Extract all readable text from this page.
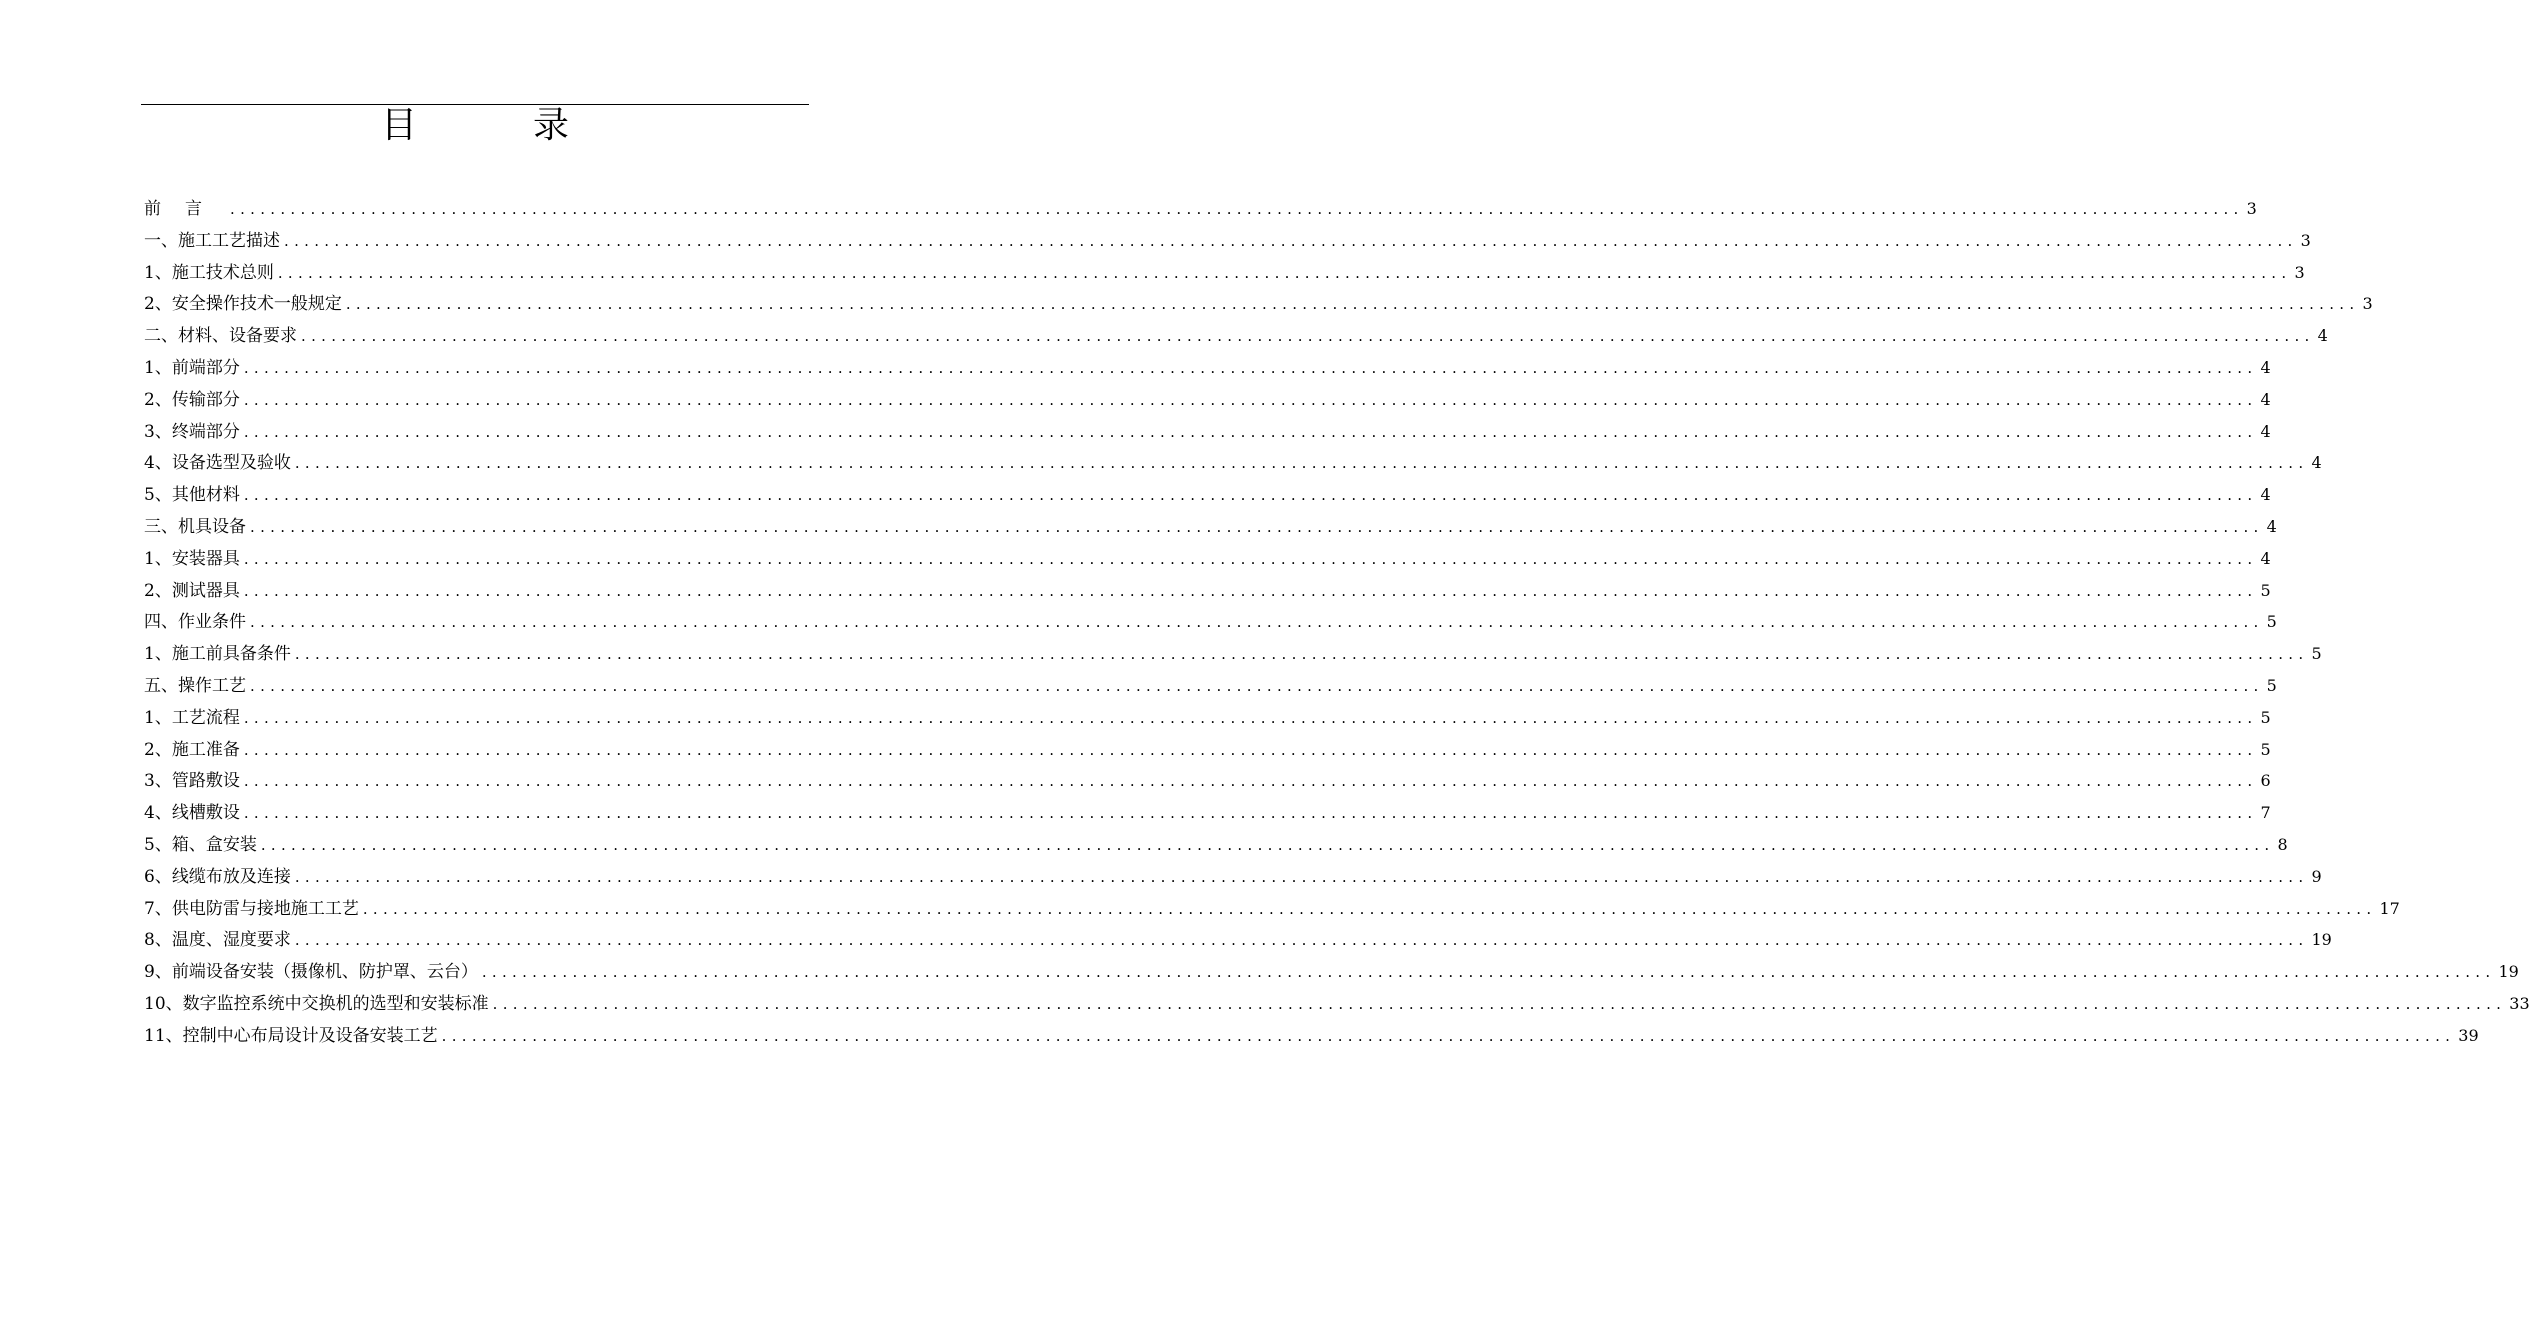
目　录
前言 ........................................................................................................................................................................................................ 3
一、施工工艺描述 ........................................................................................................................................................................................................ 3
1、施工技术总则 ........................................................................................................................................................................................................ 3
2、安全操作技术一般规定 ........................................................................................................................................................................................................ 3
二、材料、设备要求 ........................................................................................................................................................................................................ 4
1、前端部分 ........................................................................................................................................................................................................ 4
2、传输部分 ........................................................................................................................................................................................................ 4
3、终端部分 ........................................................................................................................................................................................................ 4
4、设备选型及验收 ........................................................................................................................................................................................................ 4
5、其他材料 ........................................................................................................................................................................................................ 4
三、机具设备 ........................................................................................................................................................................................................ 4
1、安装器具 ........................................................................................................................................................................................................ 4
2、测试器具 ........................................................................................................................................................................................................ 5
四、作业条件 ........................................................................................................................................................................................................ 5
1、施工前具备条件 ........................................................................................................................................................................................................ 5
五、操作工艺 ........................................................................................................................................................................................................ 5
1、工艺流程 ........................................................................................................................................................................................................ 5
2、施工准备 ........................................................................................................................................................................................................ 5
3、管路敷设 ........................................................................................................................................................................................................ 6
4、线槽敷设 ........................................................................................................................................................................................................ 7
5、箱、盒安装 ........................................................................................................................................................................................................ 8
6、线缆布放及连接 ........................................................................................................................................................................................................ 9
7、供电防雷与接地施工工艺 ........................................................................................................................................................................................................ 17
8、温度、湿度要求 ........................................................................................................................................................................................................ 19
9、前端设备安装（摄像机、防护罩、云台） ........................................................................................................................................................................................................ 19
10、数字监控系统中交换机的选型和安装标准 ........................................................................................................................................................................................................ 33
11、控制中心布局设计及设备安装工艺 ........................................................................................................................................................................................................ 39
